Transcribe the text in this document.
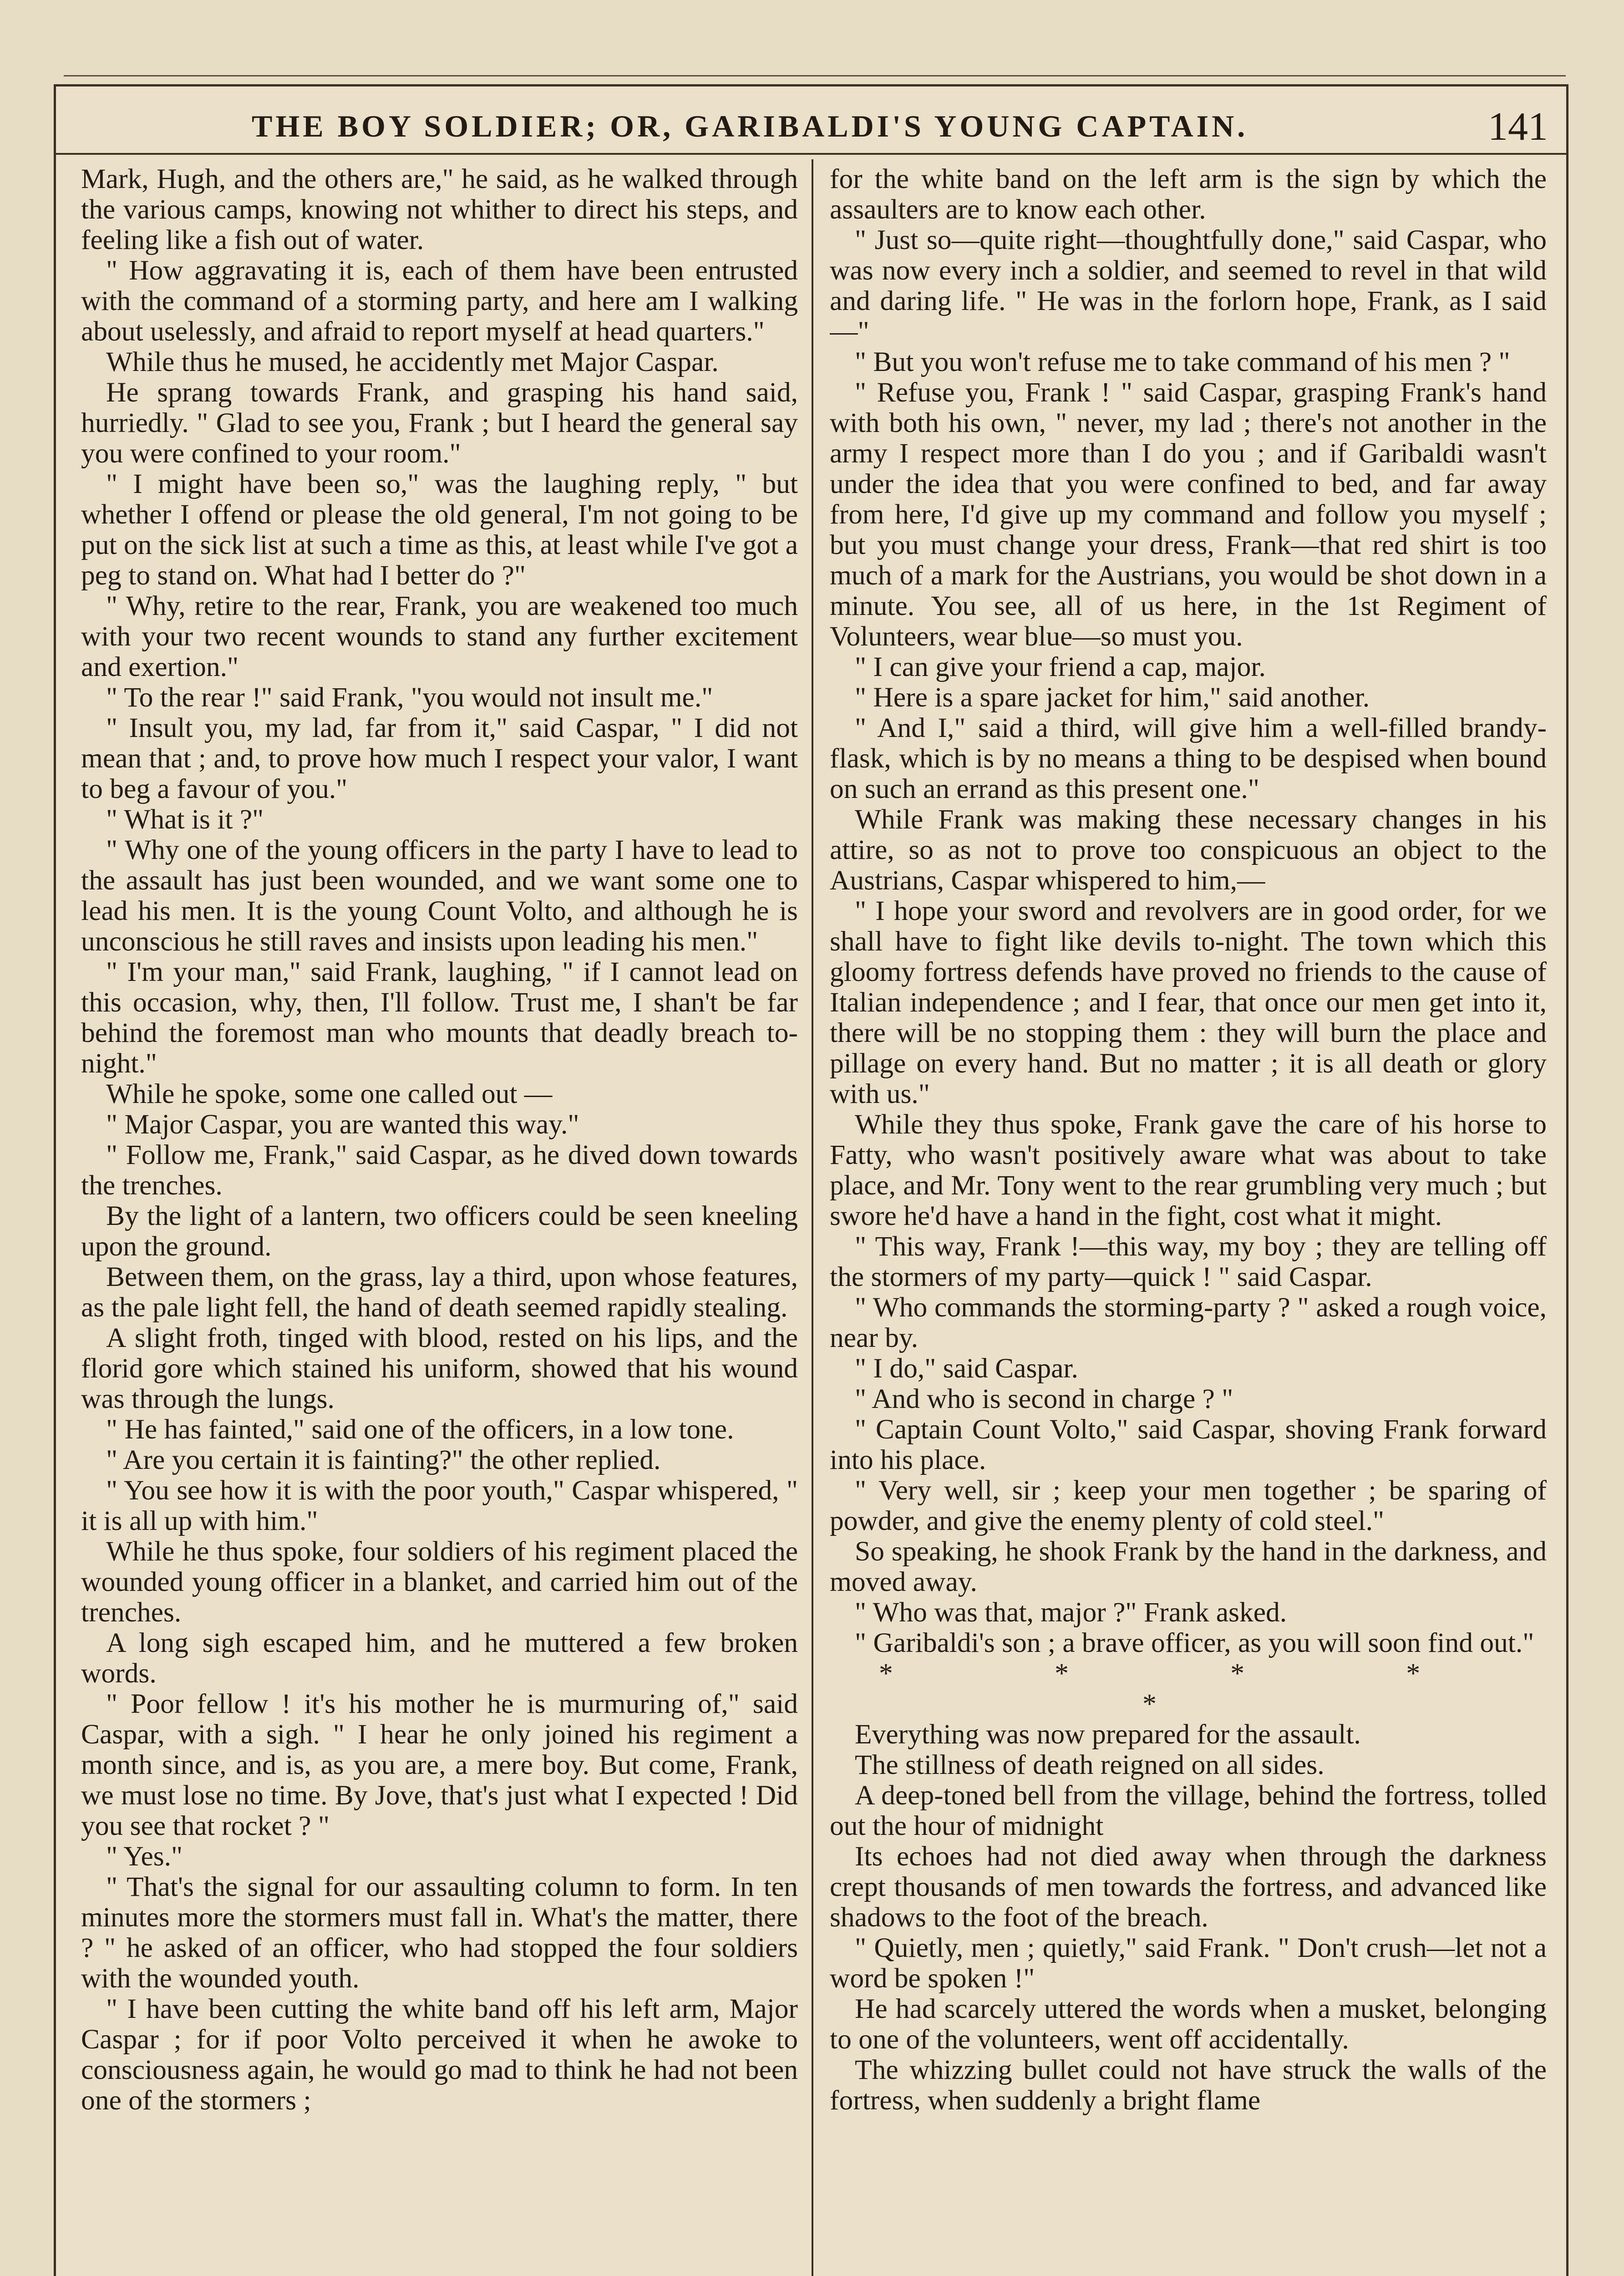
THE BOY SOLDIER; OR, GARIBALDI'S YOUNG CAPTAIN.	141

Mark, Hugh, and the others are," he said, as he walked through the various camps, knowing not whither to direct his steps, and feeling like a fish out of water.

" How aggravating it is, each of them have been entrusted with the command of a storming party, and here am I walking about uselessly, and afraid to report myself at head quarters."

While thus he mused, he accidently met Major Caspar.

He sprang towards Frank, and grasping his hand said, hurriedly. " Glad to see you, Frank ; but I heard the general say you were confined to your room."

" I might have been so," was the laughing reply, " but whether I offend or please the old general, I'm not going to be put on the sick list at such a time as this, at least while I've got a peg to stand on. What had I better do ?"

" Why, retire to the rear, Frank, you are weakened too much with your two recent wounds to stand any further excitement and exertion."

" To the rear !" said Frank, "you would not insult me."

" Insult you, my lad, far from it," said Caspar, " I did not mean that ; and, to prove how much I respect your valor, I want to beg a favour of you."

" What is it ?"

" Why one of the young officers in the party I have to lead to the assault has just been wounded, and we want some one to lead his men. It is the young Count Volto, and although he is unconscious he still raves and insists upon leading his men."

" I'm your man," said Frank, laughing, " if I cannot lead on this occasion, why, then, I'll follow. Trust me, I shan't be far behind the foremost man who mounts that deadly breach to-night."

While he spoke, some one called out —

" Major Caspar, you are wanted this way."

" Follow me, Frank," said Caspar, as he dived down towards the trenches.

By the light of a lantern, two officers could be seen kneeling upon the ground.

Between them, on the grass, lay a third, upon whose features, as the pale light fell, the hand of death seemed rapidly stealing.

A slight froth, tinged with blood, rested on his lips, and the florid gore which stained his uniform, showed that his wound was through the lungs.

" He has fainted," said one of the officers, in a low tone.

" Are you certain it is fainting?" the other replied.

" You see how it is with the poor youth," Caspar whispered, " it is all up with him."

While he thus spoke, four soldiers of his regiment placed the wounded young officer in a blanket, and carried him out of the trenches.

A long sigh escaped him, and he muttered a few broken words.

" Poor fellow ! it's his mother he is murmuring of," said Caspar, with a sigh. " I hear he only joined his regiment a month since, and is, as you are, a mere boy. But come, Frank, we must lose no time. By Jove, that's just what I expected ! Did you see that rocket ? "

" Yes."

" That's the signal for our assaulting column to form. In ten minutes more the stormers must fall in. What's the matter, there ? " he asked of an officer, who had stopped the four soldiers with the wounded youth.

" I have been cutting the white band off his left arm, Major Caspar ; for if poor Volto perceived it when he awoke to consciousness again, he would go mad to think he had not been one of the stormers ;

for the white band on the left arm is the sign by which the assaulters are to know each other.

" Just so—quite right—thoughtfully done," said Caspar, who was now every inch a soldier, and seemed to revel in that wild and daring life. " He was in the forlorn hope, Frank, as I said—"

" But you won't refuse me to take command of his men ? "

" Refuse you, Frank ! " said Caspar, grasping Frank's hand with both his own, " never, my lad ; there's not another in the army I respect more than I do you ; and if Garibaldi wasn't under the idea that you were confined to bed, and far away from here, I'd give up my command and follow you myself ; but you must change your dress, Frank—that red shirt is too much of a mark for the Austrians, you would be shot down in a minute. You see, all of us here, in the 1st Regiment of Volunteers, wear blue—so must you.

" I can give your friend a cap, major.

" Here is a spare jacket for him," said another.

" And I," said a third, will give him a well-filled brandy-flask, which is by no means a thing to be despised when bound on such an errand as this present one."

While Frank was making these necessary changes in his attire, so as not to prove too conspicuous an object to the Austrians, Caspar whispered to him,—

" I hope your sword and revolvers are in good order, for we shall have to fight like devils to-night. The town which this gloomy fortress defends have proved no friends to the cause of Italian independence ; and I fear, that once our men get into it, there will be no stopping them : they will burn the place and pillage on every hand. But no matter ; it is all death or glory with us."

While they thus spoke, Frank gave the care of his horse to Fatty, who wasn't positively aware what was about to take place, and Mr. Tony went to the rear grumbling very much ; but swore he'd have a hand in the fight, cost what it might.

" This way, Frank !—this way, my boy ; they are telling off the stormers of my party—quick ! " said Caspar.

" Who commands the storming-party ? " asked a rough voice, near by.

" I do," said Caspar.

" And who is second in charge ? "

" Captain Count Volto," said Caspar, shoving Frank forward into his place.

" Very well, sir ; keep your men together ; be sparing of powder, and give the enemy plenty of cold steel."

So speaking, he shook Frank by the hand in the darkness, and moved away.

" Who was that, major ?" Frank asked.

" Garibaldi's son ; a brave officer, as you will soon find out."

* * * * *

Everything was now prepared for the assault.

The stillness of death reigned on all sides.

A deep-toned bell from the village, behind the fortress, tolled out the hour of midnight

Its echoes had not died away when through the darkness crept thousands of men towards the fortress, and advanced like shadows to the foot of the breach.

" Quietly, men ; quietly," said Frank. " Don't crush—let not a word be spoken !"

He had scarcely uttered the words when a musket, belonging to one of the volunteers, went off accidentally.

The whizzing bullet could not have struck the walls of the fortress, when suddenly a bright flame
